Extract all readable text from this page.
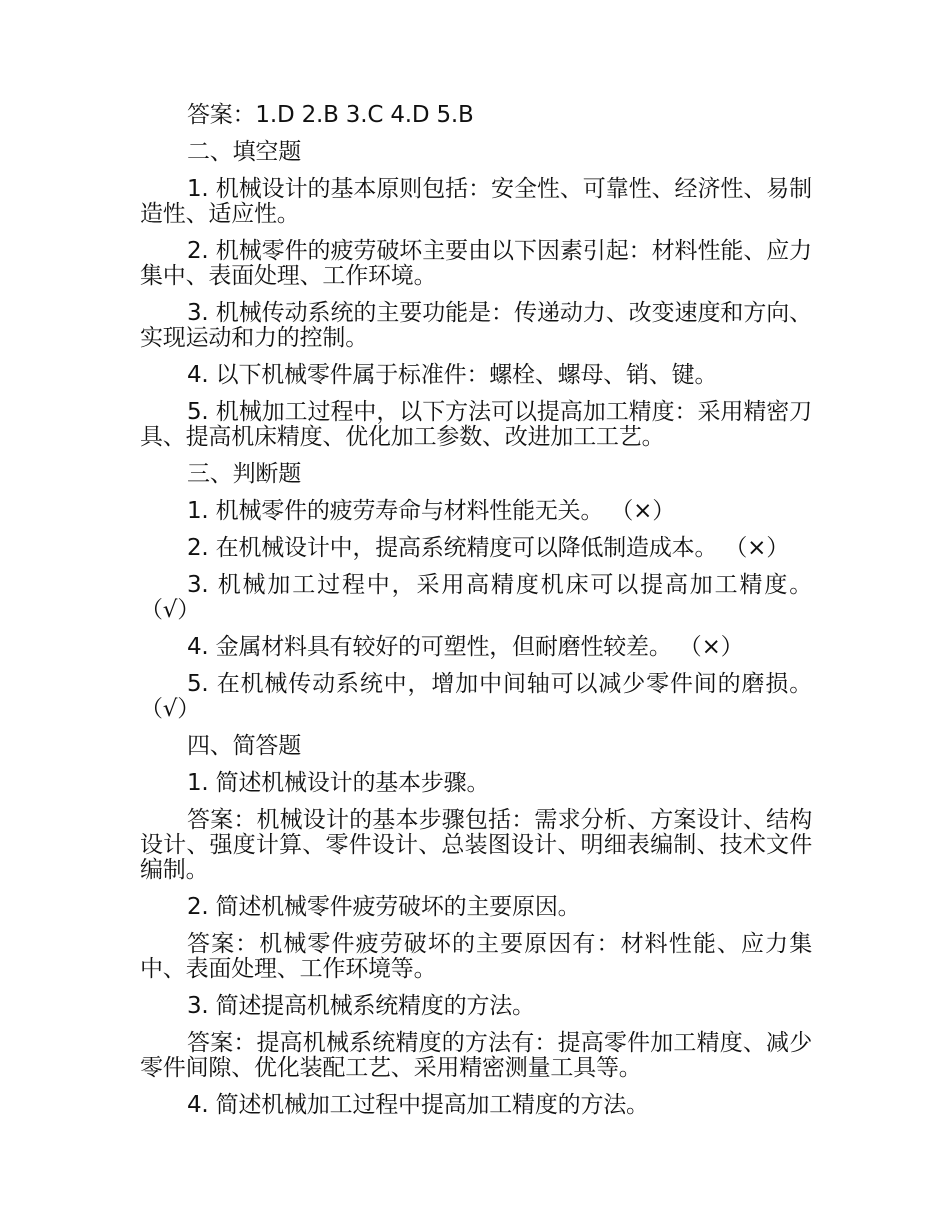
答案：1.D 2.B 3.C 4.D 5.B

二、填空题

1. 机械设计的基本原则包括：安全性、可靠性、经济性、易制造性、适应性。

2. 机械零件的疲劳破坏主要由以下因素引起：材料性能、应力集中、表面处理、工作环境。

3. 机械传动系统的主要功能是：传递动力、改变速度和方向、实现运动和力的控制。

4. 以下机械零件属于标准件：螺栓、螺母、销、键。

5. 机械加工过程中，以下方法可以提高加工精度：采用精密刀具、提高机床精度、优化加工参数、改进加工工艺。

三、判断题

1. 机械零件的疲劳寿命与材料性能无关。 （×）

2. 在机械设计中，提高系统精度可以降低制造成本。 （×）

3. 机械加工过程中，采用高精度机床可以提高加工精度。 （√）

4. 金属材料具有较好的可塑性，但耐磨性较差。 （×）

5. 在机械传动系统中，增加中间轴可以减少零件间的磨损。 （√）

四、简答题

1. 简述机械设计的基本步骤。

答案：机械设计的基本步骤包括：需求分析、方案设计、结构设计、强度计算、零件设计、总装图设计、明细表编制、技术文件编制。

2. 简述机械零件疲劳破坏的主要原因。

答案：机械零件疲劳破坏的主要原因有：材料性能、应力集中、表面处理、工作环境等。

3. 简述提高机械系统精度的方法。

答案：提高机械系统精度的方法有：提高零件加工精度、减少零件间隙、优化装配工艺、采用精密测量工具等。

4. 简述机械加工过程中提高加工精度的方法。
